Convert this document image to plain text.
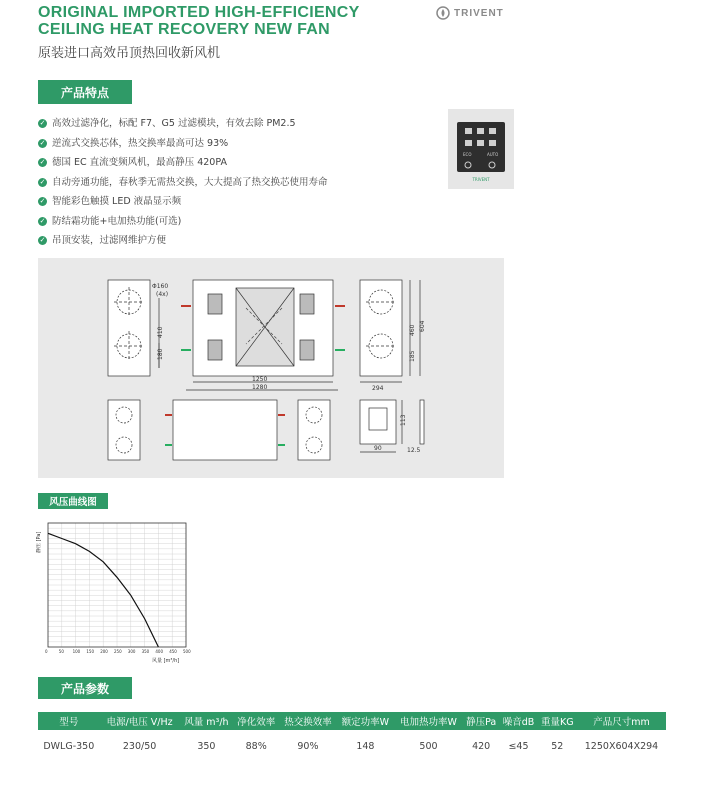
ORIGINAL IMPORTED HIGH-EFFICIENCY
CEILING HEAT RECOVERY NEW FAN
原装进口高效吊顶热回收新风机
TRIVENT
产品特点
✓ 高效过滤净化，标配 F7、G5 过滤模块，有效去除 PM2.5
✓ 逆流式交换芯体，热交换率最高可达 93%
✓ 德国 EC 直流变频风机，最高静压 420PA
✓ 自动旁通功能，春秋季无需热交换，大大提高了热交换芯使用寿命
✓ 智能彩色触摸 LED 液晶显示频
✓ 防结霜功能+电加热功能(可选)
✓ 吊顶安装，过滤网维护方便
ECO	AUTO
TRIVENT
Φ160
(4x)
410
180
1250
1280	294
460 604
185
113
90	12.5
风压曲线图
0	50 100 150 200 250 300 350 400 450 500
静压 [Pa]
风量 [m³/h]
产品参数
型号	电源/电压 V/Hz	风量 m³/h	净化效率	热交换效率	额定功率W	电加热功率W	静压Pa	噪音dB	重量KG	产品尺寸mm
DWLG-350	230/50	350	88%	90%	148	500	420	≤45	52	1250X604X294
